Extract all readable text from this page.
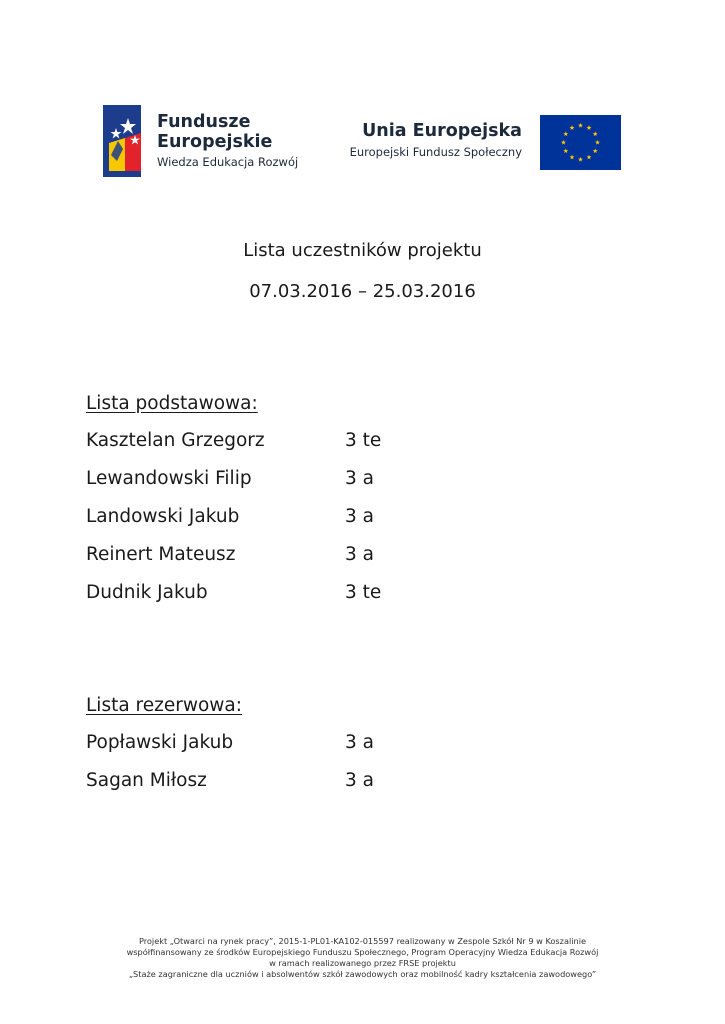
Fundusze
Europejskie
Wiedza Edukacja Rozwój
Unia Europejska
Europejski Fundusz Społeczny
Lista uczestników projektu
07.03.2016 – 25.03.2016
Lista podstawowa:
Kasztelan Grzegorz	3 te
Lewandowski Filip	3 a
Landowski Jakub	3 a
Reinert Mateusz	3 a
Dudnik Jakub	3 te
Lista rezerwowa:
Popławski Jakub	3 a
Sagan Miłosz	3 a
Projekt „Otwarci na rynek pracy”, 2015-1-PL01-KA102-015597 realizowany w Zespole Szkół Nr 9 w Koszalinie
współfinansowany ze środków Europejskiego Funduszu Społecznego, Program Operacyjny Wiedza Edukacja Rozwój
w ramach realizowanego przez FRSE projektu
„Staże zagraniczne dla uczniów i absolwentów szkół zawodowych oraz mobilność kadry kształcenia zawodowego”
